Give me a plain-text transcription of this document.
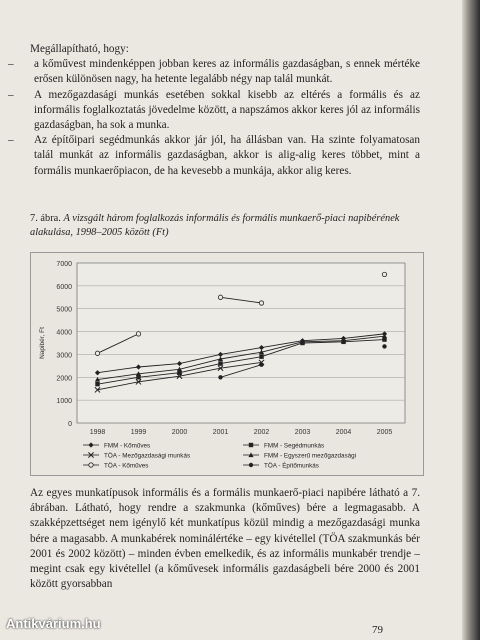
Megállapítható, hogy:

– a kőművest mindenképpen jobban keres az informális gazdaságban, s ennek mértéke erősen különösen nagy, ha hetente legalább négy nap talál munkát.

– A mezőgazdasági munkás esetében sokkal kisebb az eltérés a formális és az informális foglalkoztatás jövedelme között, a napszámos akkor keres jól az informális gazdaságban, ha sok a munka.

– Az építőipari segédmunkás akkor jár jól, ha állásban van. Ha szinte folyamatosan talál munkát az informális gazdaságban, akkor is alig-alig keres többet, mint a formális munkaerőpiacon, de ha kevesebb a munkája, akkor alig keres.

7. ábra. A vizsgált három foglalkozás informális és formális munkaerő-piaci napibérének alakulása, 1998–2005 között (Ft)
0
1000
2000
3000
4000
5000
6000
7000
1998	1999	2000	2001	2002	2003	2004	2005
Napibér, Ft
FMM - Kőműves	FMM - Segédmunkás
TÖA - Mezőgazdasági munkás	FMM - Egyszerű mezőgazdasági
TÖA - Kőműves	TÖA - Építőmunkás
Az egyes munkatípusok informális és a formális munkaerő-piaci napibére látható a 7. ábrában. Látható, hogy rendre a szakmunka (kőműves) bére a legmagasabb. A szakképzettséget nem igénylő két munkatípus közül mindig a mezőgazdasági munka bére a magasabb. A munkabérek nominálértéke – egy kivétellel (TÖA szakmunkás bér 2001 és 2002 között) – minden évben emelkedik, és az informális munkabér trendje – megint csak egy kivétellel (a kőművesek informális gazdaságbeli bére 2000 és 2001 között gyorsabban
79
Antikvárium.hu
